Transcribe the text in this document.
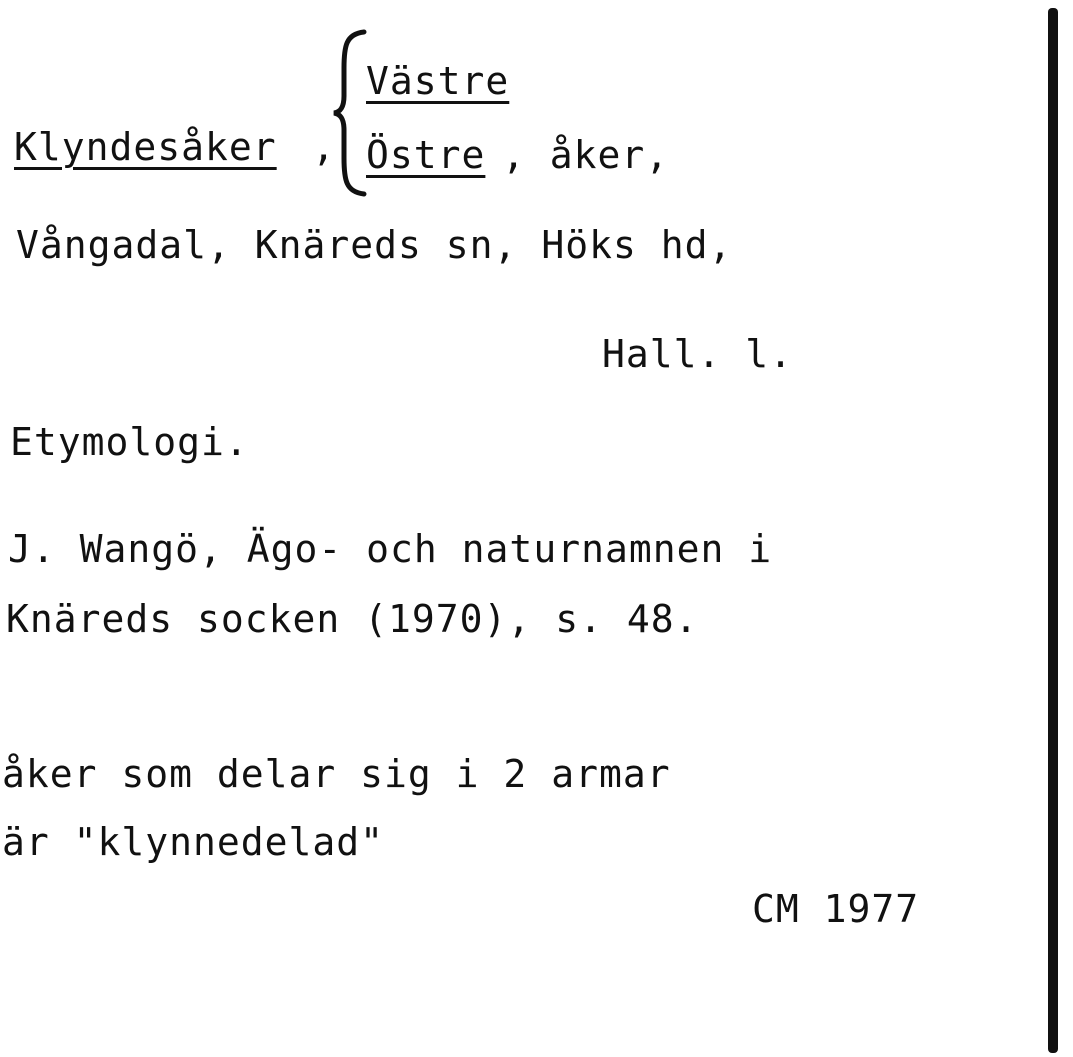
Klyndesåker ,
Västre
Östre , åker,
Vångadal, Knäreds sn, Höks hd,
Hall. l.
Etymologi.
J. Wangö, Ägo- och naturnamnen i
Knäreds socken (1970), s. 48.
åker som delar sig i 2 armar
är "klynnedelad"
CM 1977
